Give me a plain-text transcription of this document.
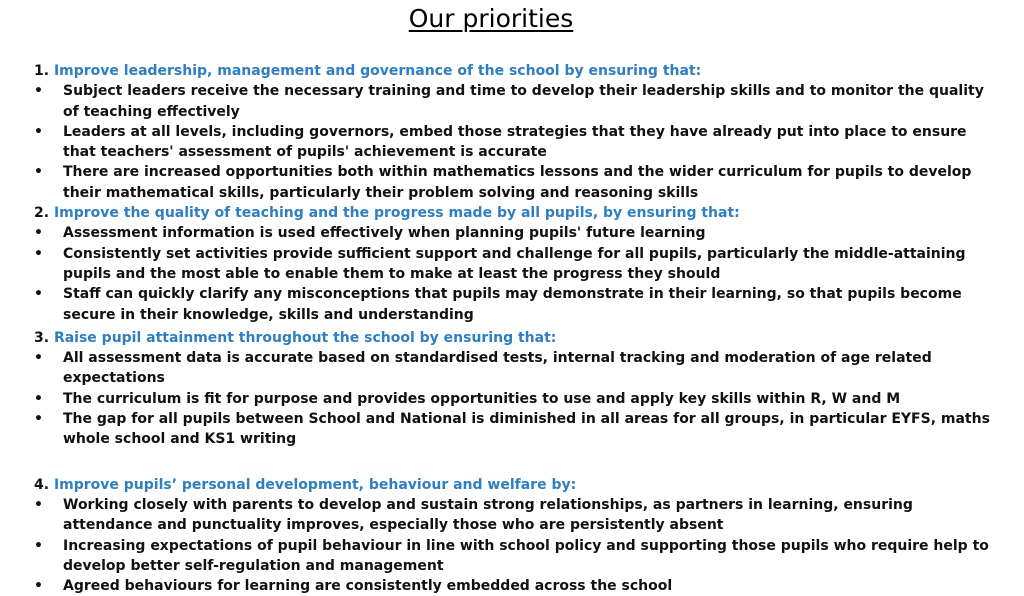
Our priorities

1. Improve leadership, management and governance of the school by ensuring that:

• Subject leaders receive the necessary training and time to develop their leadership skills and to monitor the quality of teaching effectively
• Leaders at all levels, including governors, embed those strategies that they have already put into place to ensure that teachers' assessment of pupils' achievement is accurate
• There are increased opportunities both within mathematics lessons and the wider curriculum for pupils to develop their mathematical skills, particularly their problem solving and reasoning skills

2. Improve the quality of teaching and the progress made by all pupils, by ensuring that:

• Assessment information is used effectively when planning pupils' future learning
• Consistently set activities provide sufficient support and challenge for all pupils, particularly the middle-attaining pupils and the most able to enable them to make at least the progress they should
• Staff can quickly clarify any misconceptions that pupils may demonstrate in their learning, so that pupils become secure in their knowledge, skills and understanding

3. Raise pupil attainment throughout the school by ensuring that:

• All assessment data is accurate based on standardised tests, internal tracking and moderation of age related expectations
• The curriculum is fit for purpose and provides opportunities to use and apply key skills within R, W and M
• The gap for all pupils between School and National is diminished in all areas for all groups, in particular EYFS, maths whole school and KS1 writing

4. Improve pupils’ personal development, behaviour and welfare by:

• Working closely with parents to develop and sustain strong relationships, as partners in learning, ensuring attendance and punctuality improves, especially those who are persistently absent
• Increasing expectations of pupil behaviour in line with school policy and supporting those pupils who require help to develop better self-regulation and management
• Agreed behaviours for learning are consistently embedded across the school
